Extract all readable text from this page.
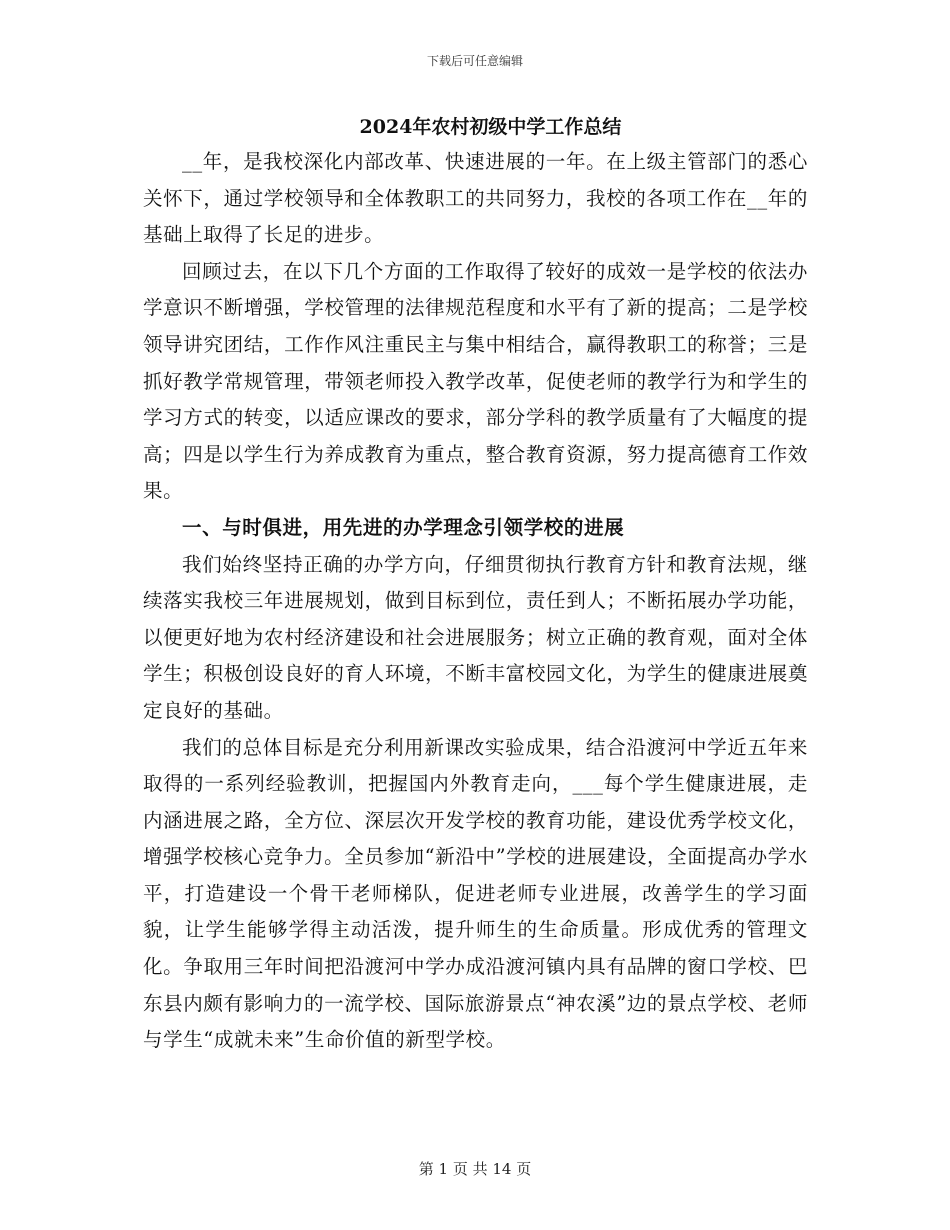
下载后可任意编辑
2024年农村初级中学工作总结

__年，是我校深化内部改革、快速进展的一年。在上级主管部门的悉心关怀下，通过学校领导和全体教职工的共同努力，我校的各项工作在__年的基础上取得了长足的进步。

回顾过去，在以下几个方面的工作取得了较好的成效一是学校的依法办学意识不断增强，学校管理的法律规范程度和水平有了新的提高；二是学校领导讲究团结，工作作风注重民主与集中相结合，赢得教职工的称誉；三是抓好教学常规管理，带领老师投入教学改革，促使老师的教学行为和学生的学习方式的转变，以适应课改的要求，部分学科的教学质量有了大幅度的提高；四是以学生行为养成教育为重点，整合教育资源，努力提高德育工作效果。

一、与时俱进，用先进的办学理念引领学校的进展

我们始终坚持正确的办学方向，仔细贯彻执行教育方针和教育法规，继续落实我校三年进展规划，做到目标到位，责任到人；不断拓展办学功能，以便更好地为农村经济建设和社会进展服务；树立正确的教育观，面对全体学生；积极创设良好的育人环境，不断丰富校园文化，为学生的健康进展奠定良好的基础。

我们的总体目标是充分利用新课改实验成果，结合沿渡河中学近五年来取得的一系列经验教训，把握国内外教育走向，___每个学生健康进展，走内涵进展之路，全方位、深层次开发学校的教育功能，建设优秀学校文化，增强学校核心竞争力。全员参加“新沿中”学校的进展建设，全面提高办学水平，打造建设一个骨干老师梯队，促进老师专业进展，改善学生的学习面貌，让学生能够学得主动活泼，提升师生的生命质量。形成优秀的管理文化。争取用三年时间把沿渡河中学办成沿渡河镇内具有品牌的窗口学校、巴东县内颇有影响力的一流学校、国际旅游景点“神农溪”边的景点学校、老师与学生“成就未来”生命价值的新型学校。

第 1 页 共 14 页
